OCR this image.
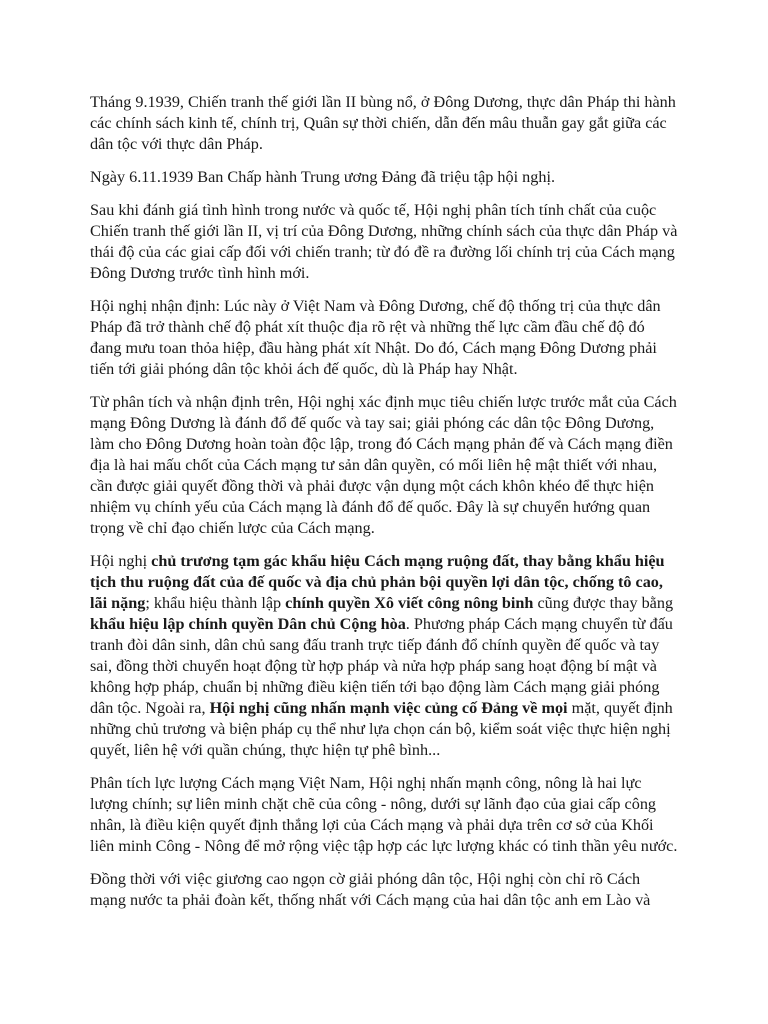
Tháng 9.1939, Chiến tranh thế giới lần II bùng nổ, ở Đông Dương, thực dân Pháp thi hành các chính sách kinh tế, chính trị, Quân sự thời chiến, dẫn đến mâu thuẫn gay gắt giữa các dân tộc với thực dân Pháp.

Ngày 6.11.1939 Ban Chấp hành Trung ương Đảng đã triệu tập hội nghị.

Sau khi đánh giá tình hình trong nước và quốc tế, Hội nghị phân tích tính chất của cuộc Chiến tranh thế giới lần II, vị trí của Đông Dương, những chính sách của thực dân Pháp và thái độ của các giai cấp đối với chiến tranh; từ đó đề ra đường lối chính trị của Cách mạng Đông Dương trước tình hình mới.

Hội nghị nhận định: Lúc này ở Việt Nam và Đông Dương, chế độ thống trị của thực dân Pháp đã trở thành chế độ phát xít thuộc địa rõ rệt và những thế lực cầm đầu chế độ đó đang mưu toan thỏa hiệp, đầu hàng phát xít Nhật. Do đó, Cách mạng Đông Dương phải tiến tới giải phóng dân tộc khỏi ách đế quốc, dù là Pháp hay Nhật.

Từ phân tích và nhận định trên, Hội nghị xác định mục tiêu chiến lược trước mắt của Cách mạng Đông Dương là đánh đổ đế quốc và tay sai; giải phóng các dân tộc Đông Dương, làm cho Đông Dương hoàn toàn độc lập, trong đó Cách mạng phản đế và Cách mạng điền địa là hai mấu chốt của Cách mạng tư sản dân quyền, có mối liên hệ mật thiết với nhau, cần được giải quyết đồng thời và phải được vận dụng một cách khôn khéo để thực hiện nhiệm vụ chính yếu của Cách mạng là đánh đổ đế quốc. Đây là sự chuyển hướng quan trọng về chỉ đạo chiến lược của Cách mạng.

Hội nghị chủ trương tạm gác khẩu hiệu Cách mạng ruộng đất, thay bằng khẩu hiệu tịch thu ruộng đất của đế quốc và địa chủ phản bội quyền lợi dân tộc, chống tô cao, lãi nặng; khẩu hiệu thành lập chính quyền Xô viết công nông binh cũng được thay bằng khẩu hiệu lập chính quyền Dân chủ Cộng hòa. Phương pháp Cách mạng chuyển từ đấu tranh đòi dân sinh, dân chủ sang đấu tranh trực tiếp đánh đổ chính quyền đế quốc và tay sai, đồng thời chuyển hoạt động từ hợp pháp và nửa hợp pháp sang hoạt động bí mật và không hợp pháp, chuẩn bị những điều kiện tiến tới bạo động làm Cách mạng giải phóng dân tộc. Ngoài ra, Hội nghị cũng nhấn mạnh việc củng cố Đảng về mọi mặt, quyết định những chủ trương và biện pháp cụ thể như lựa chọn cán bộ, kiểm soát việc thực hiện nghị quyết, liên hệ với quần chúng, thực hiện tự phê bình...

Phân tích lực lượng Cách mạng Việt Nam, Hội nghị nhấn mạnh công, nông là hai lực lượng chính; sự liên minh chặt chẽ của công - nông, dưới sự lãnh đạo của giai cấp công nhân, là điều kiện quyết định thắng lợi của Cách mạng và phải dựa trên cơ sở của Khối liên minh Công - Nông để mở rộng việc tập hợp các lực lượng khác có tinh thần yêu nước.

Đồng thời với việc giương cao ngọn cờ giải phóng dân tộc, Hội nghị còn chỉ rõ Cách mạng nước ta phải đoàn kết, thống nhất với Cách mạng của hai dân tộc anh em Lào và
